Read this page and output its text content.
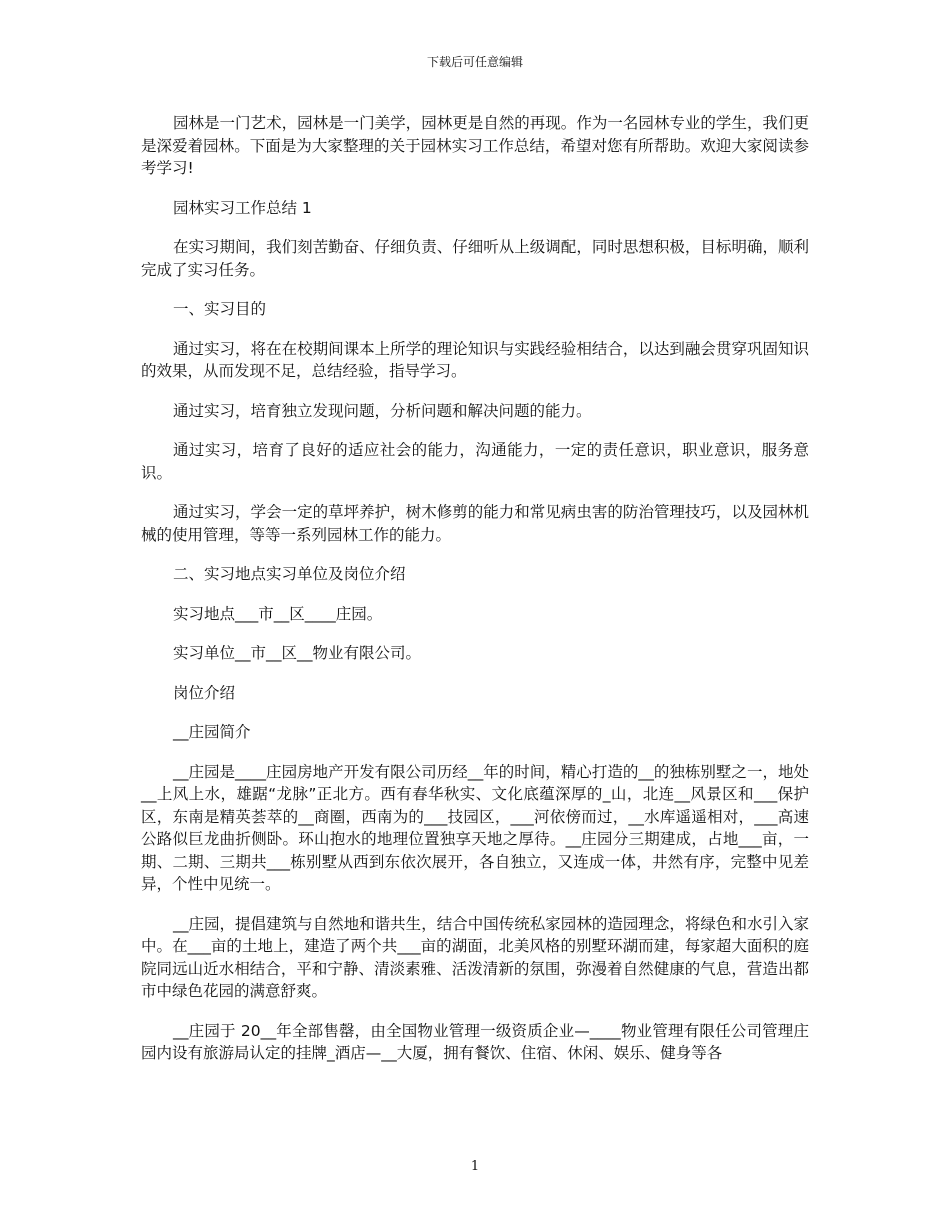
下载后可任意编辑

园林是一门艺术，园林是一门美学，园林更是自然的再现。作为一名园林专业的学生，我们更是深爱着园林。下面是为大家整理的关于园林实习工作总结，希望对您有所帮助。欢迎大家阅读参考学习!

园林实习工作总结 1

在实习期间，我们刻苦勤奋、仔细负责、仔细听从上级调配，同时思想积极，目标明确，顺利完成了实习任务。

一、实习目的

通过实习，将在在校期间课本上所学的理论知识与实践经验相结合，以达到融会贯穿巩固知识的效果，从而发现不足，总结经验，指导学习。

通过实习，培育独立发现问题，分析问题和解决问题的能力。

通过实习，培育了良好的适应社会的能力，沟通能力，一定的责任意识，职业意识，服务意识。

通过实习，学会一定的草坪养护，树木修剪的能力和常见病虫害的防治管理技巧，以及园林机械的使用管理，等等一系列园林工作的能力。

二、实习地点实习单位及岗位介绍

实习地点___市__区____庄园。

实习单位__市__区__物业有限公司。

岗位介绍

__庄园简介

__庄园是____庄园房地产开发有限公司历经__年的时间，精心打造的__的独栋别墅之一，地处__上风上水，雄踞“龙脉”正北方。西有春华秋实、文化底蕴深厚的_山，北连__风景区和___保护区，东南是精英荟萃的__商圈，西南为的___技园区，___河依傍而过，__水库遥遥相对，___高速公路似巨龙曲折侧卧。环山抱水的地理位置独享天地之厚待。__庄园分三期建成，占地___亩，一期、二期、三期共___栋别墅从西到东依次展开，各自独立，又连成一体，井然有序，完整中见差异，个性中见统一。

__庄园，提倡建筑与自然地和谐共生，结合中国传统私家园林的造园理念，将绿色和水引入家中。在___亩的土地上，建造了两个共___亩的湖面，北美风格的别墅环湖而建，每家超大面积的庭院同远山近水相结合，平和宁静、清淡素雅、活泼清新的氛围，弥漫着自然健康的气息，营造出都市中绿色花园的满意舒爽。

__庄园于 20__年全部售罄，由全国物业管理一级资质企业—____物业管理有限任公司管理庄园内设有旅游局认定的挂牌_酒店—__大厦，拥有餐饮、住宿、休闲、娱乐、健身等各

1
